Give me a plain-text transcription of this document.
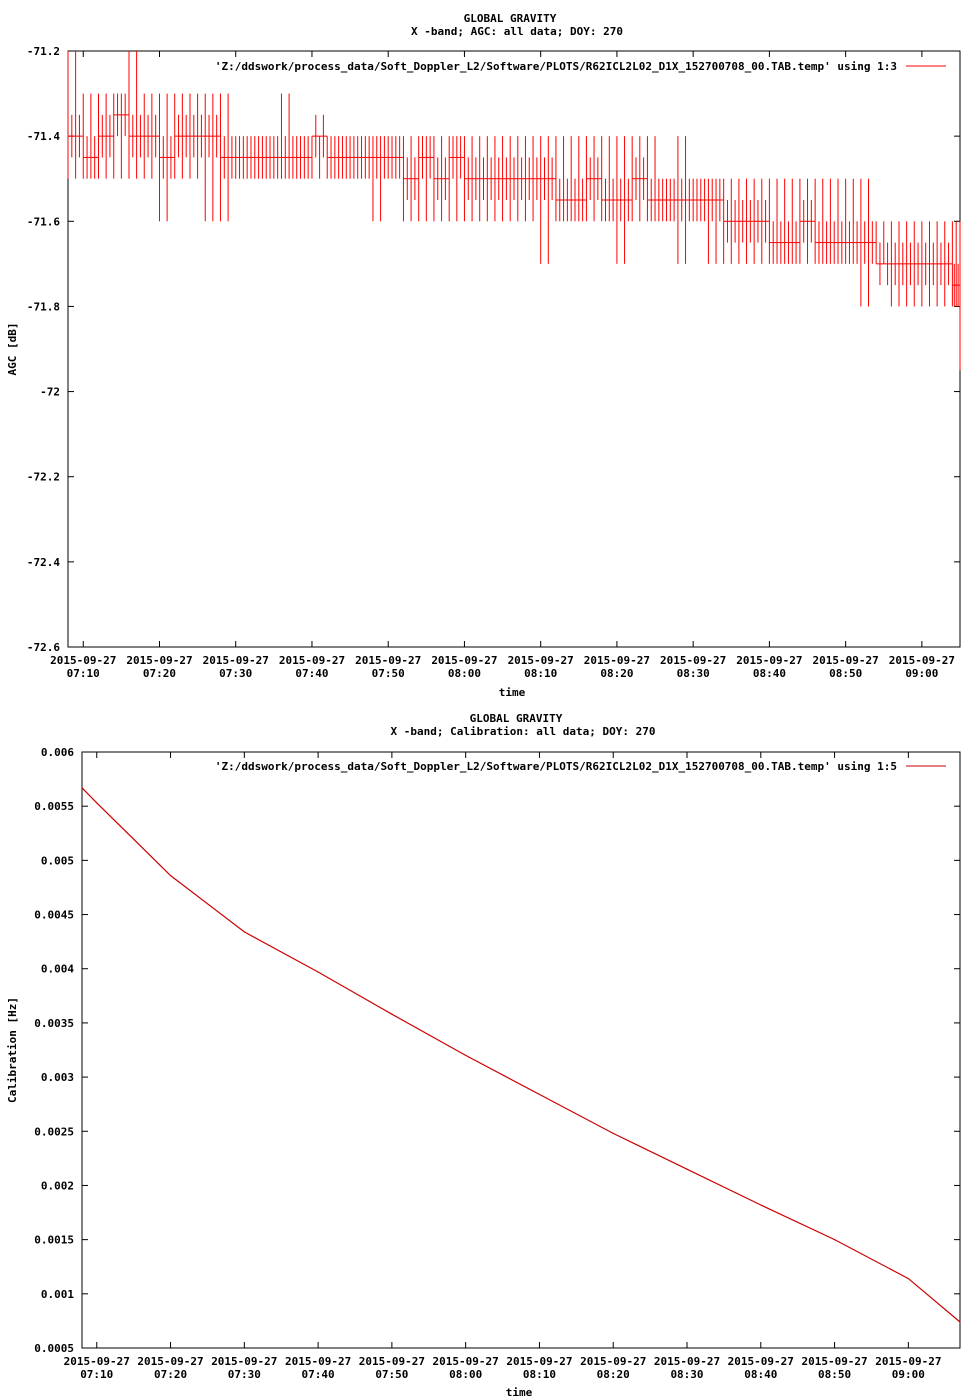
GLOBAL GRAVITY
X -band; AGC: all data; DOY: 270
-71.2
-71.4
-71.6
-71.8
-72
-72.2
-72.4
-72.6
2015-09-27
07:10
2015-09-27
07:20
2015-09-27
07:30
2015-09-27
07:40
2015-09-27
07:50
2015-09-27
08:00
2015-09-27
08:10
2015-09-27
08:20
2015-09-27
08:30
2015-09-27
08:40
2015-09-27
08:50
2015-09-27
09:00
AGC [dB]
time
'Z:/ddswork/process_data/Soft_Doppler_L2/Software/PLOTS/R62ICL2L02_D1X_152700708_00.TAB.temp' using 1:3
GLOBAL GRAVITY
X -band; Calibration: all data; DOY: 270
0.006
0.0055
0.005
0.0045
0.004
0.0035
0.003
0.0025
0.002
0.0015
0.001
0.0005
2015-09-27
07:10
2015-09-27
07:20
2015-09-27
07:30
2015-09-27
07:40
2015-09-27
07:50
2015-09-27
08:00
2015-09-27
08:10
2015-09-27
08:20
2015-09-27
08:30
2015-09-27
08:40
2015-09-27
08:50
2015-09-27
09:00
Calibration [Hz]
time
'Z:/ddswork/process_data/Soft_Doppler_L2/Software/PLOTS/R62ICL2L02_D1X_152700708_00.TAB.temp' using 1:5
